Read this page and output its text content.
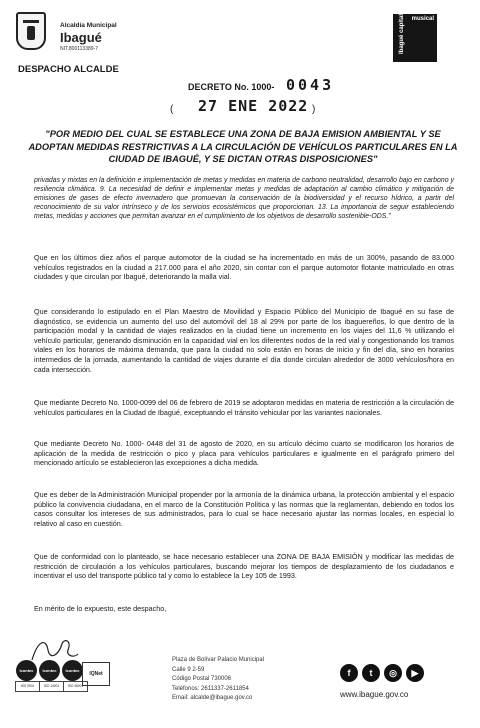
Alcaldía Municipal
Ibagué
NIT.800113389-7
DESPACHO ALCALDE
musical
Ibagué capital
DECRETO No. 1000- 0043
( 27 ENE 2022 )
"POR MEDIO DEL CUAL SE ESTABLECE UNA ZONA DE BAJA EMISION AMBIENTAL Y SE ADOPTAN MEDIDAS RESTRICTIVAS A LA CIRCULACIÓN DE VEHÍCULOS PARTICULARES EN LA CIUDAD DE IBAGUÉ, Y SE DICTAN OTRAS DISPOSICIONES"
privadas y mixtas en la definición e implementación de metas y medidas en materia de carbono neutralidad, desarrollo bajo en carbono y resiliencia climática. 9. La necesidad de definir e implementar metas y medidas de adaptación al cambio climático y mitigación de emisiones de gases de efecto invernadero que promuevan la conservación de la biodiversidad y el recurso hídrico, a partir del reconocimiento de su valor intrínseco y de los servicios ecosistémicos que proporcionan. 13. La importancia de seguir estableciendo metas, medidas y acciones que permitan avanzar en el cumplimiento de los objetivos de desarrollo sostenible-ODS."
Que en los últimos diez años el parque automotor de la ciudad se ha incrementado en más de un 300%, pasando de 83.000 vehículos registrados en la ciudad a 217.000 para el año 2020, sin contar con el parque automotor flotante matriculado en otras ciudades y que circulan por Ibagué, deteriorando la malla vial.
Que considerando lo estipulado en el Plan Maestro de Movilidad y Espacio Público del Municipio de Ibagué en su fase de diagnóstico, se evidencia un aumento del uso del automóvil del 18 al 29% por parte de los ibaguereños, lo que dentro de la participación modal y la cantidad de viajes realizados en la ciudad tiene un incremento en los viajes del 11,6 % utilizando el vehículo particular, generando disminución en la capacidad vial en los diferentes nodos de la red vial y congestionando los tramos viales en los horarios de máxima demanda, que para la ciudad no solo están en horas de inicio y fin del día, sino en horarios intermedios de la jornada, aumentando la cantidad de viajes durante el día donde circulan alrededor de 3000 vehículos/hora en cada intersección.
Que mediante Decreto No. 1000-0099 del 06 de febrero de 2019 se adoptaron medidas en materia de restricción a la circulación de vehículos particulares en la Ciudad de Ibagué, exceptuando el tránsito vehicular por las variantes nacionales.
Que mediante Decreto No. 1000- 0448 del 31 de agosto de 2020, en su artículo décimo cuarto se modificaron los horarios de aplicación de la medida de restricción o pico y placa para vehículos particulares e igualmente en el parágrafo primero del mencionado artículo se establecieron las excepciones a dicha medida.
Que es deber de la Administración Municipal propender por la armonía de la dinámica urbana, la protección ambiental y el espacio público la convivencia ciudadana, en el marco de la Constitución Política y las normas que la reglamentan, debiendo en todos los casos consultar los intereses de sus administrados, para lo cual se hace necesario ajustar las normas locales, en especial lo relativo al caso en cuestión.
Que de conformidad con lo planteado, se hace necesario establecer una ZONA DE BAJA EMISIÓN y modificar las medidas de restricción de circulación a los vehículos particulares, buscando mejorar los tiempos de desplazamiento de los ciudadanos e incentivar el uso del transporte público tal y como lo establece la Ley 105 de 1993.
En mérito de lo expuesto, este despacho,
Icontec	Icontec	Icontec
ISO 9001	ISO 14001	ISO 45001
IQNet
Plaza de Bolívar Palacio Municipal
Calle 9 2-59
Código Postal 730006
Teléfonos: 2611337-2611854
Email: alcalde@ibague.gov.co
f	t	◎	▶
www.ibague.gov.co
